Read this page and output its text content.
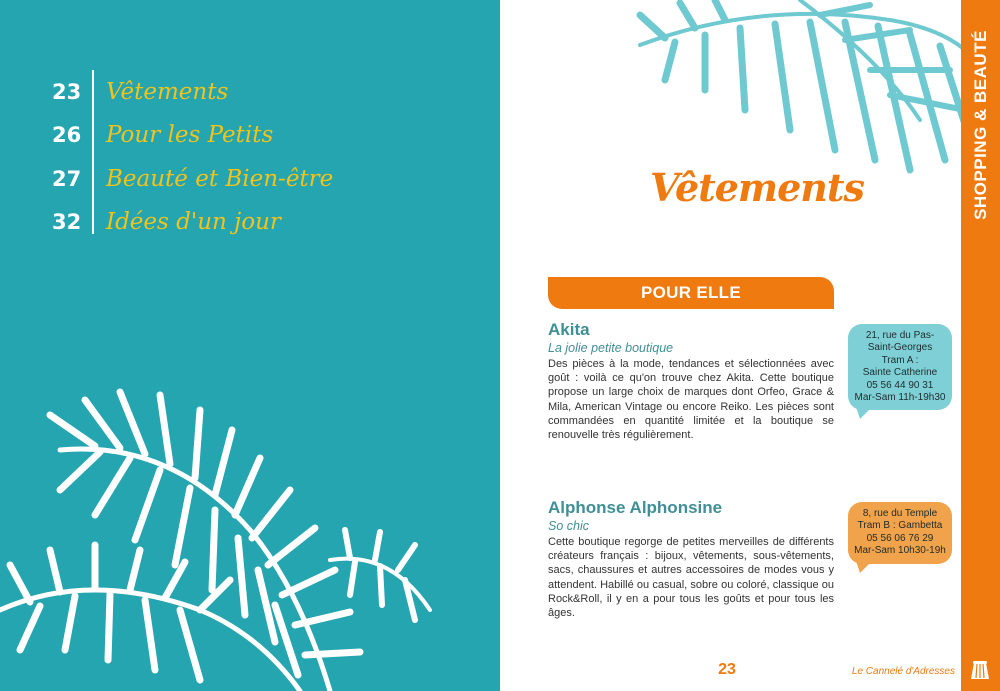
23 Vêtements
26 Pour les Petits
27 Beauté et Bien-être
32 Idées d'un jour
Vêtements
POUR ELLE
Akita
La jolie petite boutique
Des pièces à la mode, tendances et sélectionnées avec goût : voilà ce qu'on trouve chez Akita. Cette boutique propose un large choix de marques dont Orfeo, Grace & Mila, American Vintage ou encore Reiko. Les pièces sont commandées en quantité limitée et la boutique se renouvelle très régulièrement.
21, rue du Pas-
Saint-Georges
Tram A :
Sainte Catherine
05 56 44 90 31
Mar-Sam 11h-19h30
Alphonse Alphonsine
So chic
Cette boutique regorge de petites merveilles de différents créateurs français : bijoux, vêtements, sous-vêtements, sacs, chaussures et autres accessoires de modes vous y attendent. Habillé ou casual, sobre ou coloré, classique ou Rock&Roll, il y en a pour tous les goûts et pour tous les âges.
8, rue du Temple
Tram B : Gambetta
05 56 06 76 29
Mar-Sam 10h30-19h
23	Le Cannelé d'Adresses
SHOPPING & BEAUTÉ
